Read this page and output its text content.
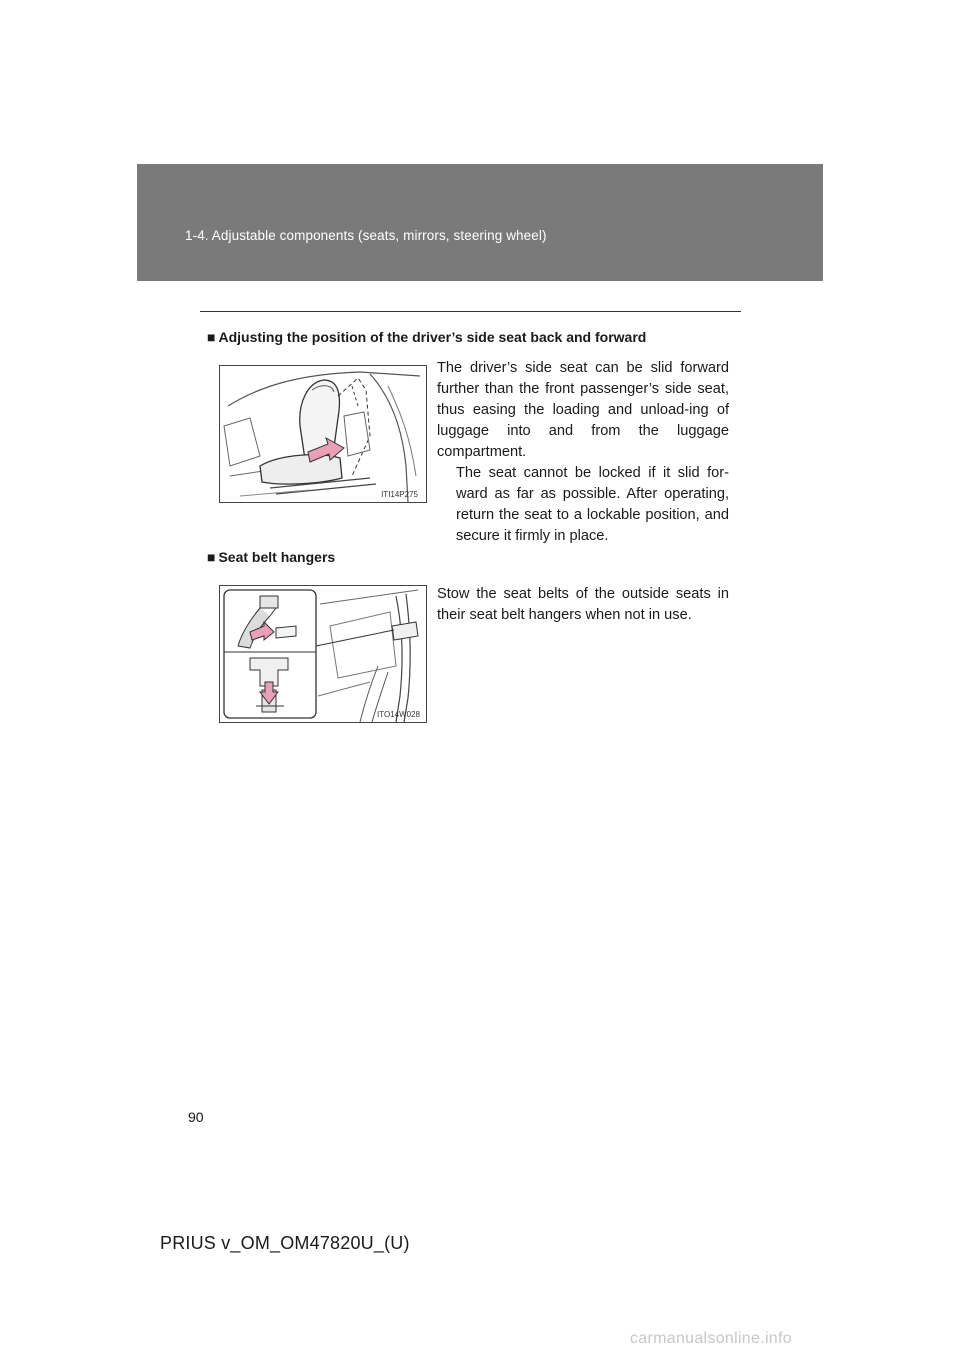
1-4. Adjustable components (seats, mirrors, steering wheel)
■ Adjusting the position of the driver’s side seat back and forward
ITI14P275
The driver’s side seat can be slid forward further than the front passenger’s side seat, thus easing the loading and unload-ing of luggage into and from the luggage compartment.
The seat cannot be locked if it slid for-ward as far as possible. After operating, return the seat to a lockable position, and secure it firmly in place.
■ Seat belt hangers
ITO14W028
Stow the seat belts of the outside seats in their seat belt hangers when not in use.
90
PRIUS v_OM_OM47820U_(U)
carmanualsonline.info
